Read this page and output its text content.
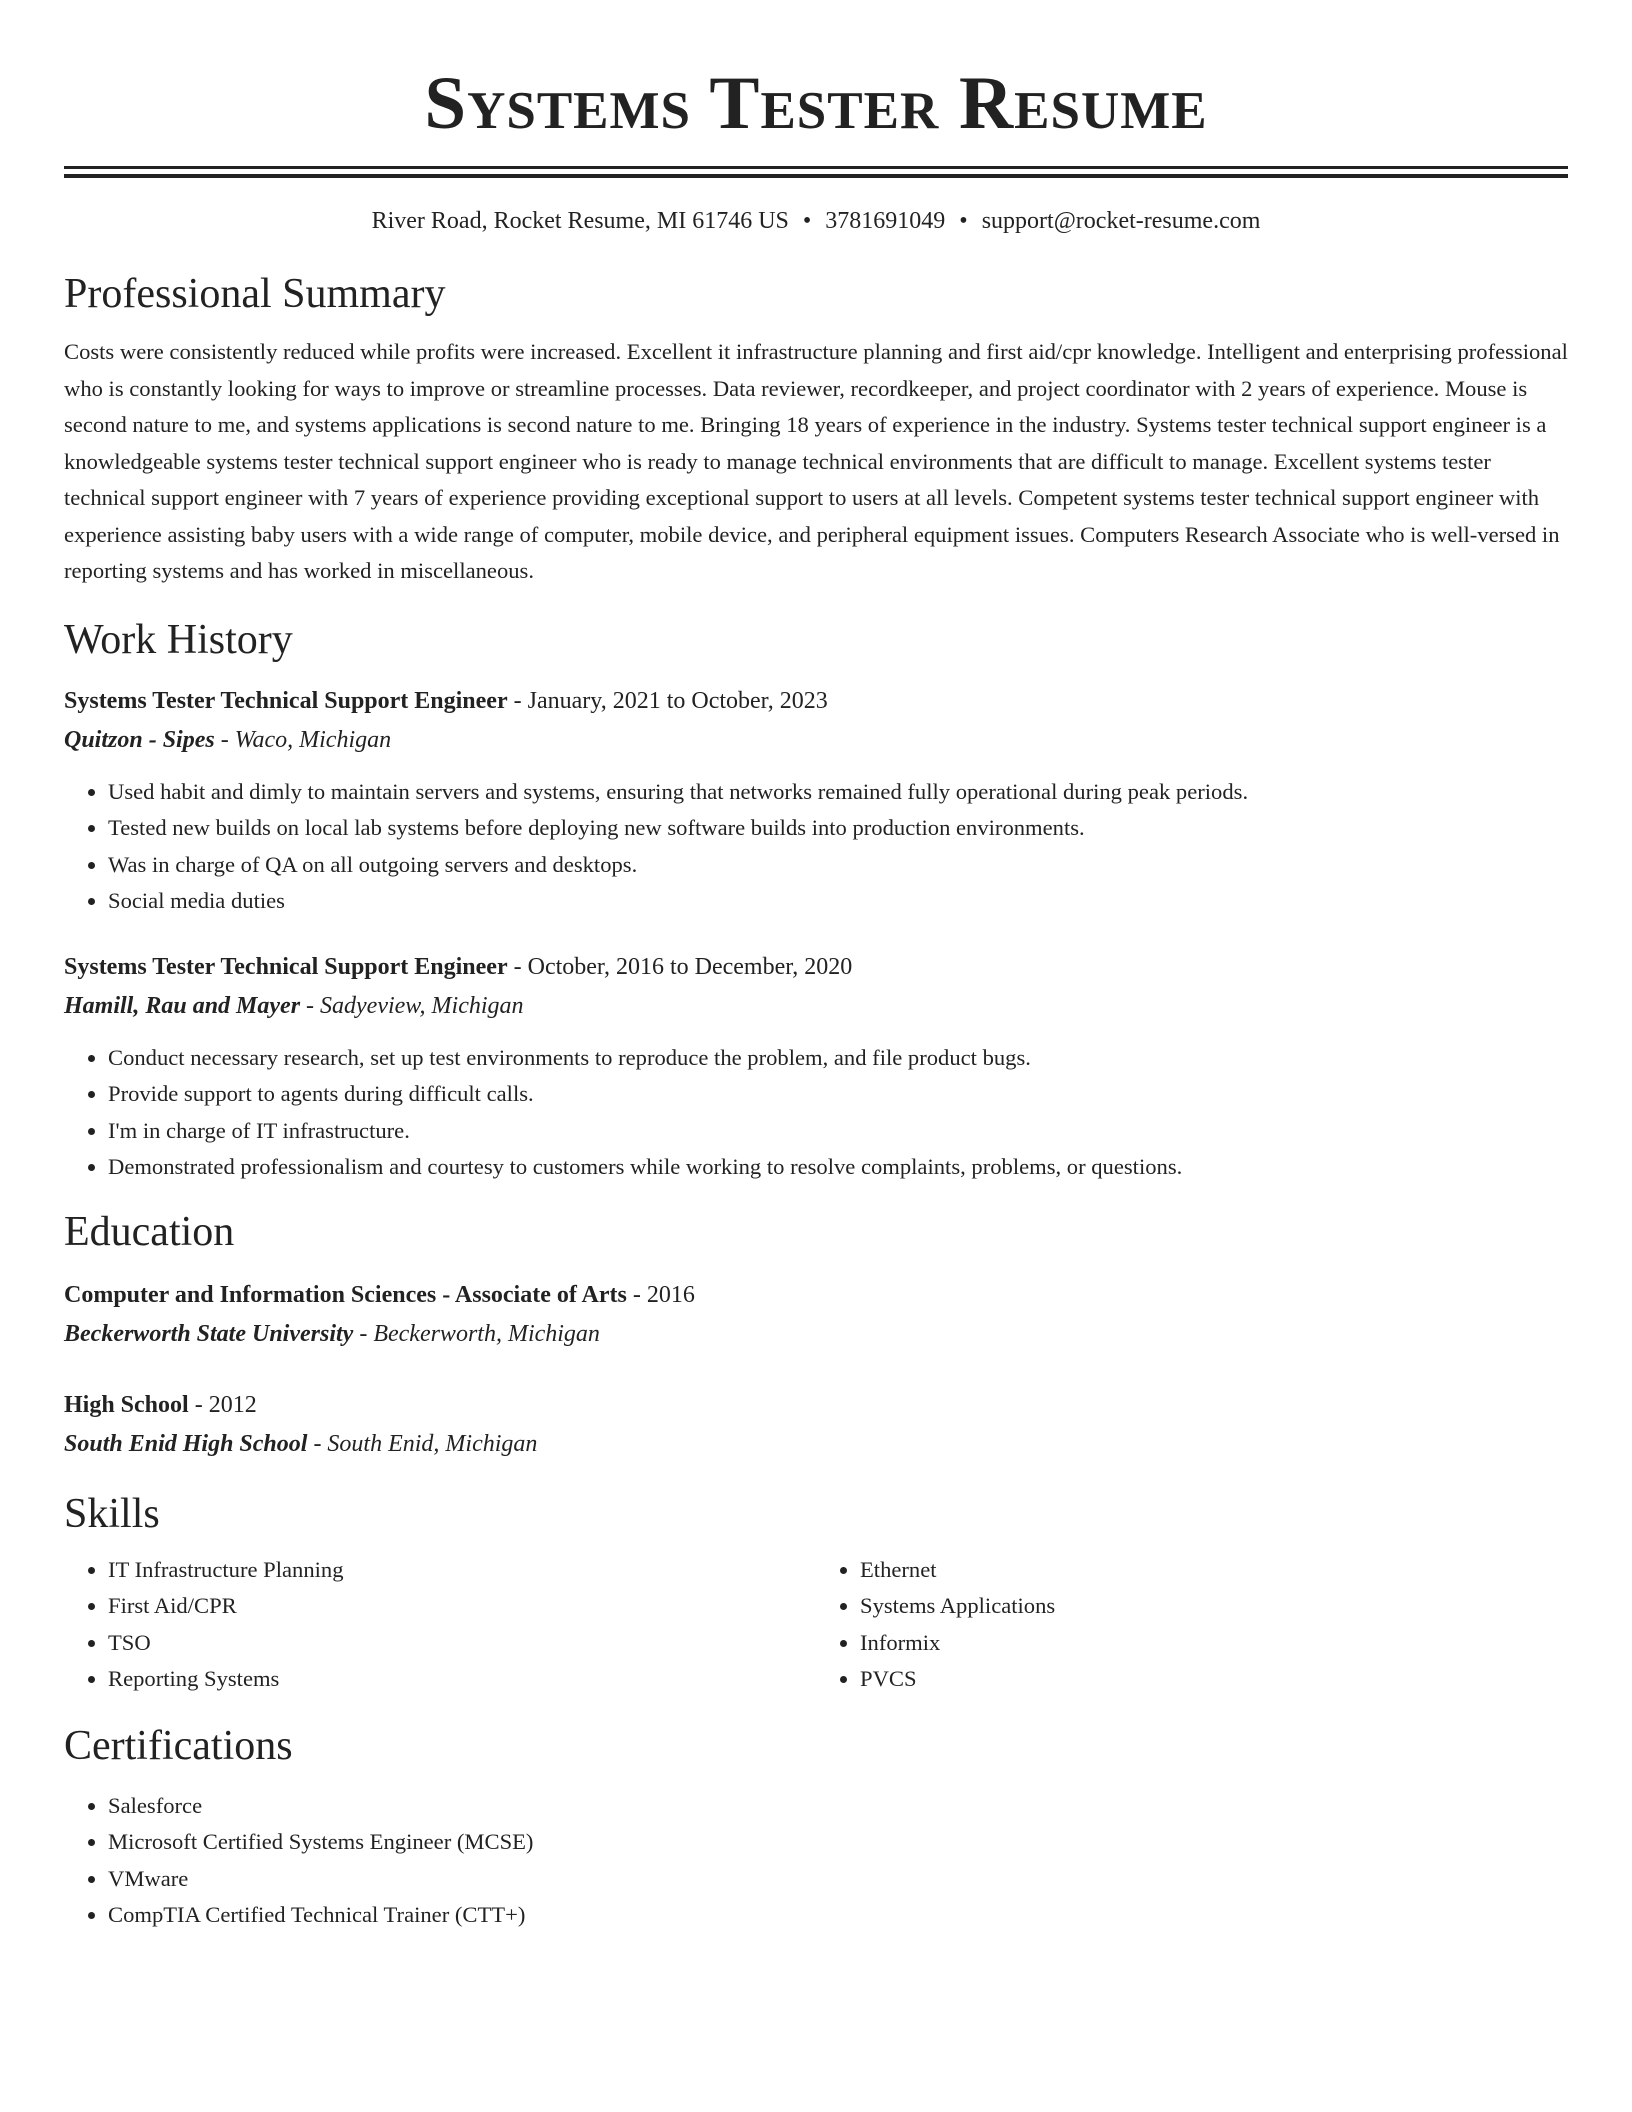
Systems Tester Resume
River Road, Rocket Resume, MI 61746 US • 3781691049 • support@rocket-resume.com
Professional Summary

Costs were consistently reduced while profits were increased. Excellent it infrastructure planning and first aid/cpr knowledge. Intelligent and enterprising professional who is constantly looking for ways to improve or streamline processes. Data reviewer, recordkeeper, and project coordinator with 2 years of experience. Mouse is second nature to me, and systems applications is second nature to me. Bringing 18 years of experience in the industry. Systems tester technical support engineer is a knowledgeable systems tester technical support engineer who is ready to manage technical environments that are difficult to manage. Excellent systems tester technical support engineer with 7 years of experience providing exceptional support to users at all levels. Competent systems tester technical support engineer with experience assisting baby users with a wide range of computer, mobile device, and peripheral equipment issues. Computers Research Associate who is well-versed in reporting systems and has worked in miscellaneous.

Work History
Systems Tester Technical Support Engineer - January, 2021 to October, 2023
Quitzon - Sipes - Waco, Michigan
• Used habit and dimly to maintain servers and systems, ensuring that networks remained fully operational during peak periods.
• Tested new builds on local lab systems before deploying new software builds into production environments.
• Was in charge of QA on all outgoing servers and desktops.
• Social media duties
Systems Tester Technical Support Engineer - October, 2016 to December, 2020
Hamill, Rau and Mayer - Sadyeview, Michigan
• Conduct necessary research, set up test environments to reproduce the problem, and file product bugs.
• Provide support to agents during difficult calls.
• I'm in charge of IT infrastructure.
• Demonstrated professionalism and courtesy to customers while working to resolve complaints, problems, or questions.
Education
Computer and Information Sciences - Associate of Arts - 2016
Beckerworth State University - Beckerworth, Michigan
High School - 2012
South Enid High School - South Enid, Michigan
Skills
• IT Infrastructure Planning
• First Aid/CPR
• TSO
• Reporting Systems
• Ethernet
• Systems Applications
• Informix
• PVCS
Certifications
• Salesforce
• Microsoft Certified Systems Engineer (MCSE)
• VMware
• CompTIA Certified Technical Trainer (CTT+)
